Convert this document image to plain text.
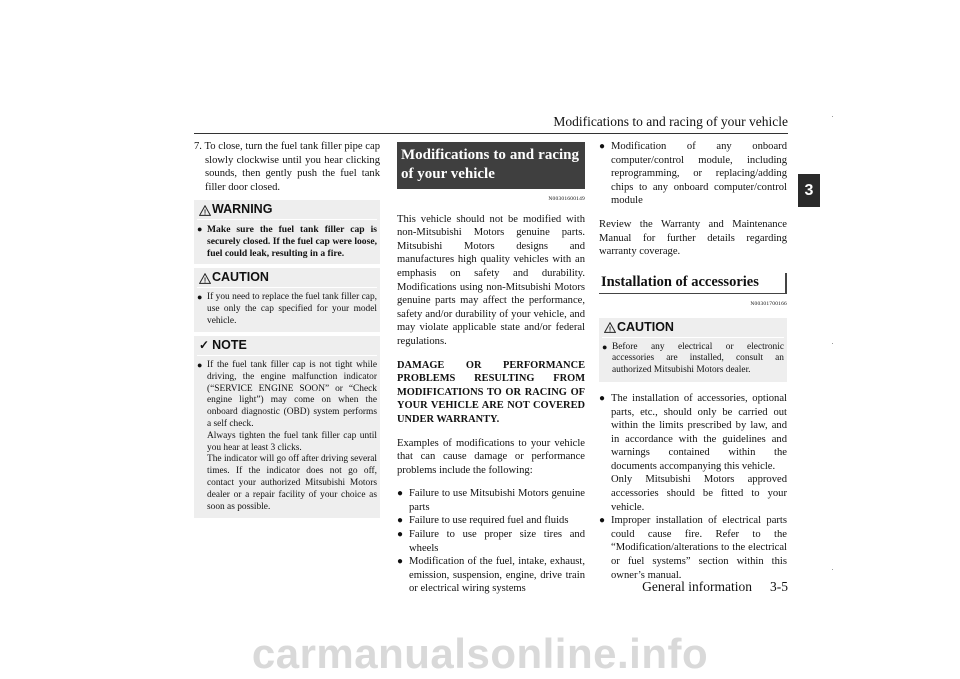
Modifications to and racing of your vehicle
3

7. To close, turn the fuel tank filler pipe cap slowly clockwise until you hear clicking sounds, then gently push the fuel tank filler door closed.

! WARNING
● Make sure the fuel tank filler cap is securely closed. If the fuel cap were loose, fuel could leak, resulting in a fire.
! CAUTION
● If you need to replace the fuel tank filler cap, use only the cap specified for your model vehicle.
✓ NOTE
● If the fuel tank filler cap is not tight while driving, the engine malfunction indicator (“SERVICE ENGINE SOON” or “Check engine light”) may come on when the onboard diagnostic (OBD) system performs a self check.
Always tighten the fuel tank filler cap until you hear at least 3 clicks.
The indicator will go off after driving several times. If the indicator does not go off, contact your authorized Mitsubishi Motors dealer or a repair facility of your choice as soon as possible.
Modifications to and racing of your vehicle
N00301600149

This vehicle should not be modified with non-Mitsubishi Motors genuine parts. Mitsubishi Motors designs and manufactures high quality vehicles with an emphasis on safety and durability. Modifications using non-Mitsubishi Motors genuine parts may affect the performance, safety and/or durability of your vehicle, and may violate applicable state and/or federal regulations.

DAMAGE OR PERFORMANCE PROBLEMS RESULTING FROM MODIFICATIONS TO OR RACING OF YOUR VEHICLE ARE NOT COVERED UNDER WARRANTY.

Examples of modifications to your vehicle that can cause damage or performance problems include the following:

● Failure to use Mitsubishi Motors genuine parts
● Failure to use required fuel and fluids
● Failure to use proper size tires and wheels
● Modification of the fuel, intake, exhaust, emission, suspension, engine, drive train or electrical wiring systems
● Modification of any onboard computer/control module, including reprogramming, or replacing/adding chips to any onboard computer/control module

Review the Warranty and Maintenance Manual for further details regarding warranty coverage.

Installation of accessories
N00301700166
! CAUTION
● Before any electrical or electronic accessories are installed, consult an authorized Mitsubishi Motors dealer.
● The installation of accessories, optional parts, etc., should only be carried out within the limits prescribed by law, and in accordance with the guidelines and warnings contained within the documents accompanying this vehicle.
Only Mitsubishi Motors approved accessories should be fitted to your vehicle.
● Improper installation of electrical parts could cause fire. Refer to the “Modification/alterations to the electrical or fuel systems” section within this owner’s manual.
General information 3-5
carmanualsonline.info
